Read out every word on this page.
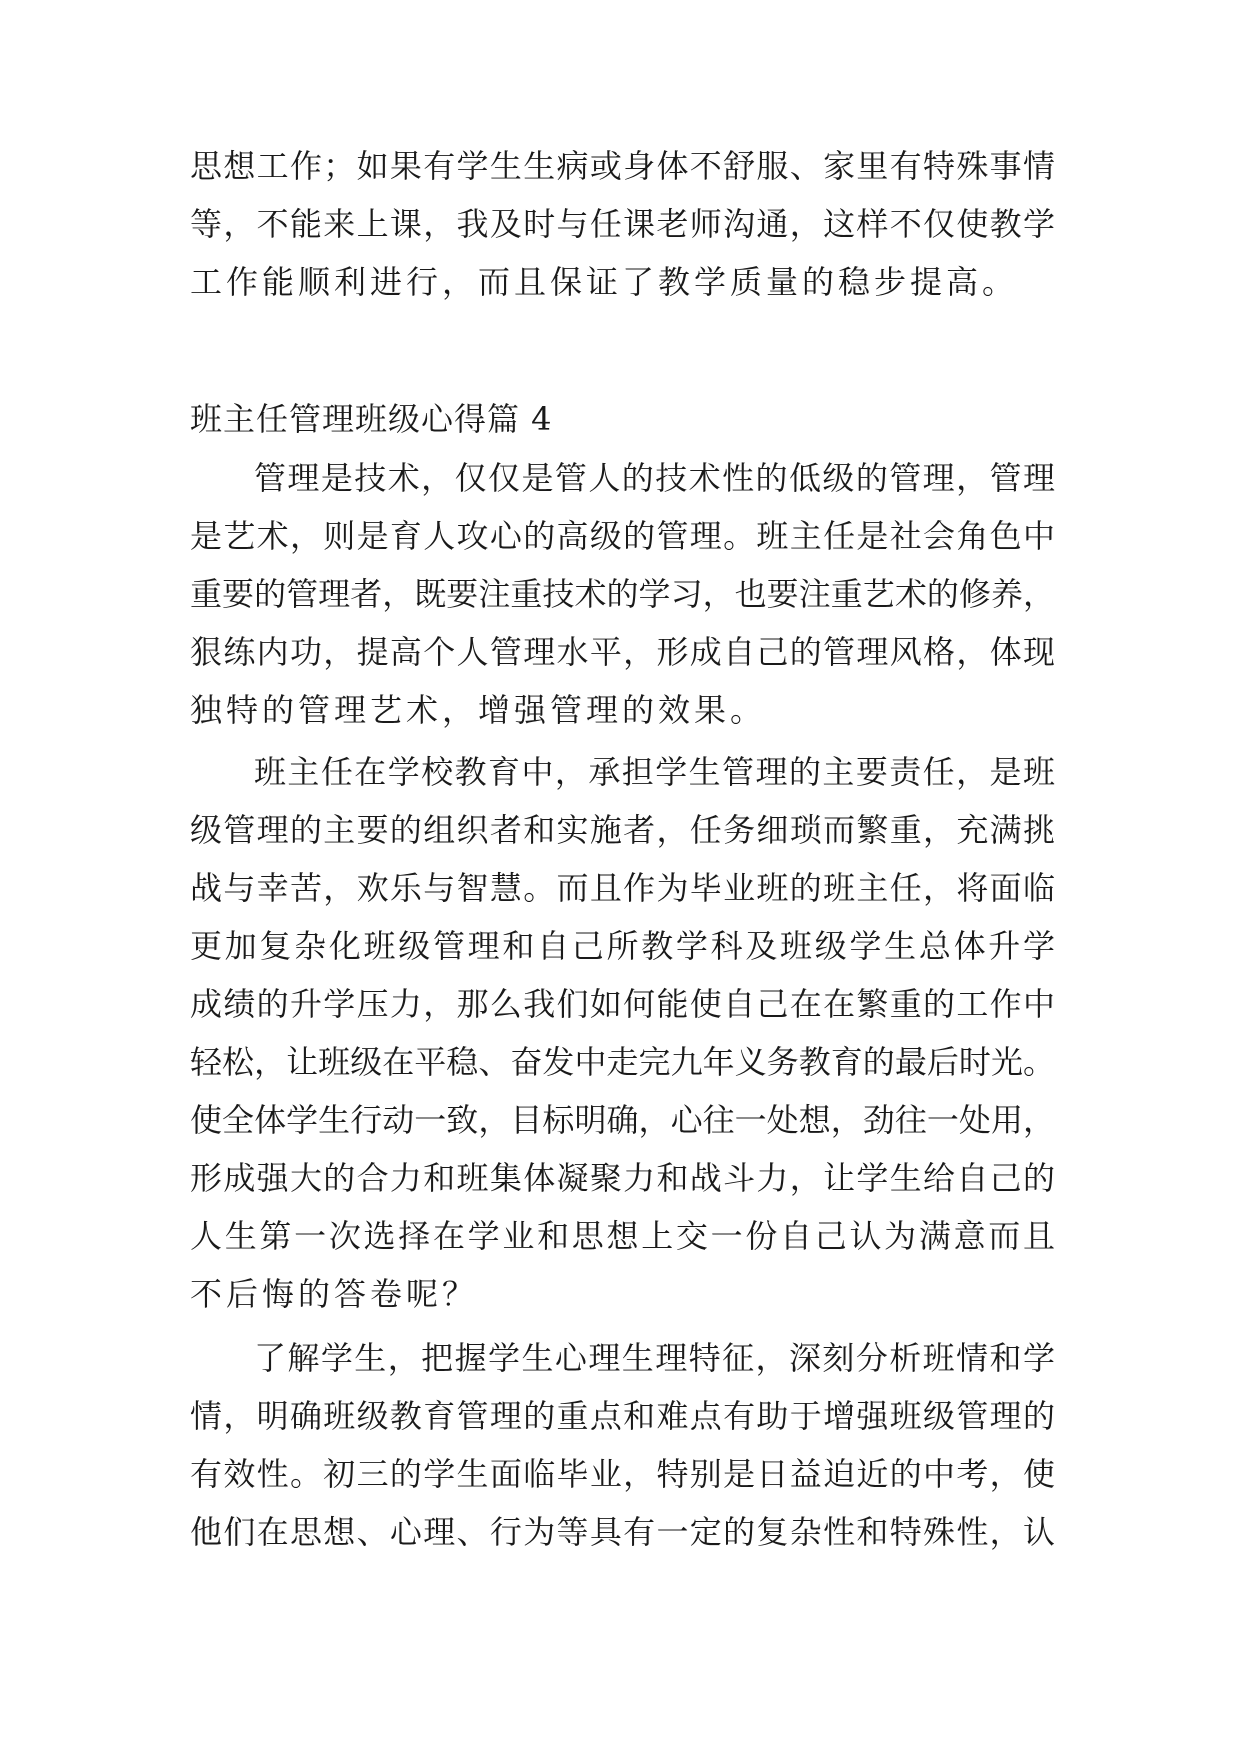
思想工作；如果有学生生病或身体不舒服、家里有特殊事情
等，不能来上课，我及时与任课老师沟通，这样不仅使教学
工作能顺利进行，而且保证了教学质量的稳步提高。
班主任管理班级心得篇 4
管理是技术，仅仅是管人的技术性的低级的管理，管理
是艺术，则是育人攻心的高级的管理。班主任是社会角色中
重要的管理者，既要注重技术的学习，也要注重艺术的修养，
狠练内功，提高个人管理水平，形成自己的管理风格，体现
独特的管理艺术，增强管理的效果。
班主任在学校教育中，承担学生管理的主要责任，是班
级管理的主要的组织者和实施者，任务细琐而繁重，充满挑
战与幸苦，欢乐与智慧。而且作为毕业班的班主任，将面临
更加复杂化班级管理和自己所教学科及班级学生总体升学
成绩的升学压力，那么我们如何能使自己在在繁重的工作中
轻松，让班级在平稳、奋发中走完九年义务教育的最后时光。
使全体学生行动一致，目标明确，心往一处想，劲往一处用，
形成强大的合力和班集体凝聚力和战斗力，让学生给自己的
人生第一次选择在学业和思想上交一份自己认为满意而且
不后悔的答卷呢？
了解学生，把握学生心理生理特征，深刻分析班情和学
情，明确班级教育管理的重点和难点有助于增强班级管理的
有效性。初三的学生面临毕业，特别是日益迫近的中考，使
他们在思想、心理、行为等具有一定的复杂性和特殊性，认
